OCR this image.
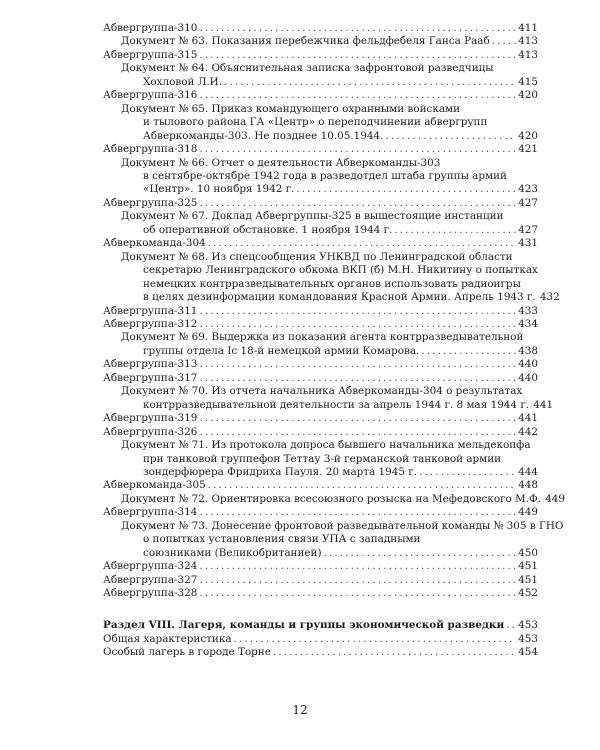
Абвергруппа-310 . . .	411
Документ № 63. Показания перебежчика фельдфебеля Ганса Рааб . . .	413
Абвергруппа-315 . . .	413
Документ № 64. Объяснительная записка зафронтовой разведчицы
Хохловой Л.И. . . .	415
Абвергруппа-316 . . .	420
Документ № 65. Приказ командующего охранными войсками
и тылового района ГА «Центр» о переподчинении абвергрупп
Абверкоманды-303. Не позднее 10.05.1944. . . .	420
Абвергруппа-318 . . .	421
Документ № 66. Отчет о деятельности Абверкоманды-303
в сентябре-октябре 1942 года в разведотдел штаба группы армий
«Центр». 10 ноября 1942 г. . . .	423
Абвергруппа-325 . . .	427
Документ № 67. Доклад Абвергруппы-325 в вышестоящие инстанции
об оперативной обстановке. 1 ноября 1944 г. . . .	427
Абверкоманда-304 . . .	431
Документ № 68. Из спецсообщения УНКВД по Ленинградской области
секретарю Ленинградского обкома ВКП (б) М.Н. Никитину о попытках
немецких контрразведывательных органов использовать радиоигры
в целях дезинформации командования Красной Армии. Апрель 1943 г. 432
Абвергруппа-311 . . .	433
Абвергруппа-312 . . .	434
Документ № 69. Выдержка из показаний агента контрразведывательной
группы отдела Ic 18-й немецкой армии Комарова. . . .	438
Абвергруппа-313 . . .	440
Абвергруппа-317 . . .	440
Документ № 70. Из отчета начальника Абверкоманды-304 о результатах
контрразведывательной деятельности за апрель 1944 г. 8 мая 1944 г. 441
Абвергруппа-319 . . .	441
Абвергруппа-326 . . .	442
Документ № 71. Из протокола допроса бывшего начальника мельдекопфа
при танковой группефон Теттау 3-й германской танковой армии
зондерфюрера Фридриха Пауля. 20 марта 1945 г. . . .	444
Абверкоманда-305 . . .	448
Документ № 72. Ориентировка всесоюзного розыска на Мефедовского М.Ф. 449
Абвергруппа-314 . . .	449
Документ № 73. Донесение фронтовой разведывательной команды № 305 в ГНО
о попытках установления связи УПА с западными
союзниками (Великобританией) . . .	450
Абвергруппа-324 . . .	451
Абвергруппа-327 . . .	451
Абвергруппа-328 . . .	452
Раздел VIII. Лагеря, команды и группы экономической разведки . . . 453
Общая характеристика . . .	453
Особый лагерь в городе Торне . . .	454
12
